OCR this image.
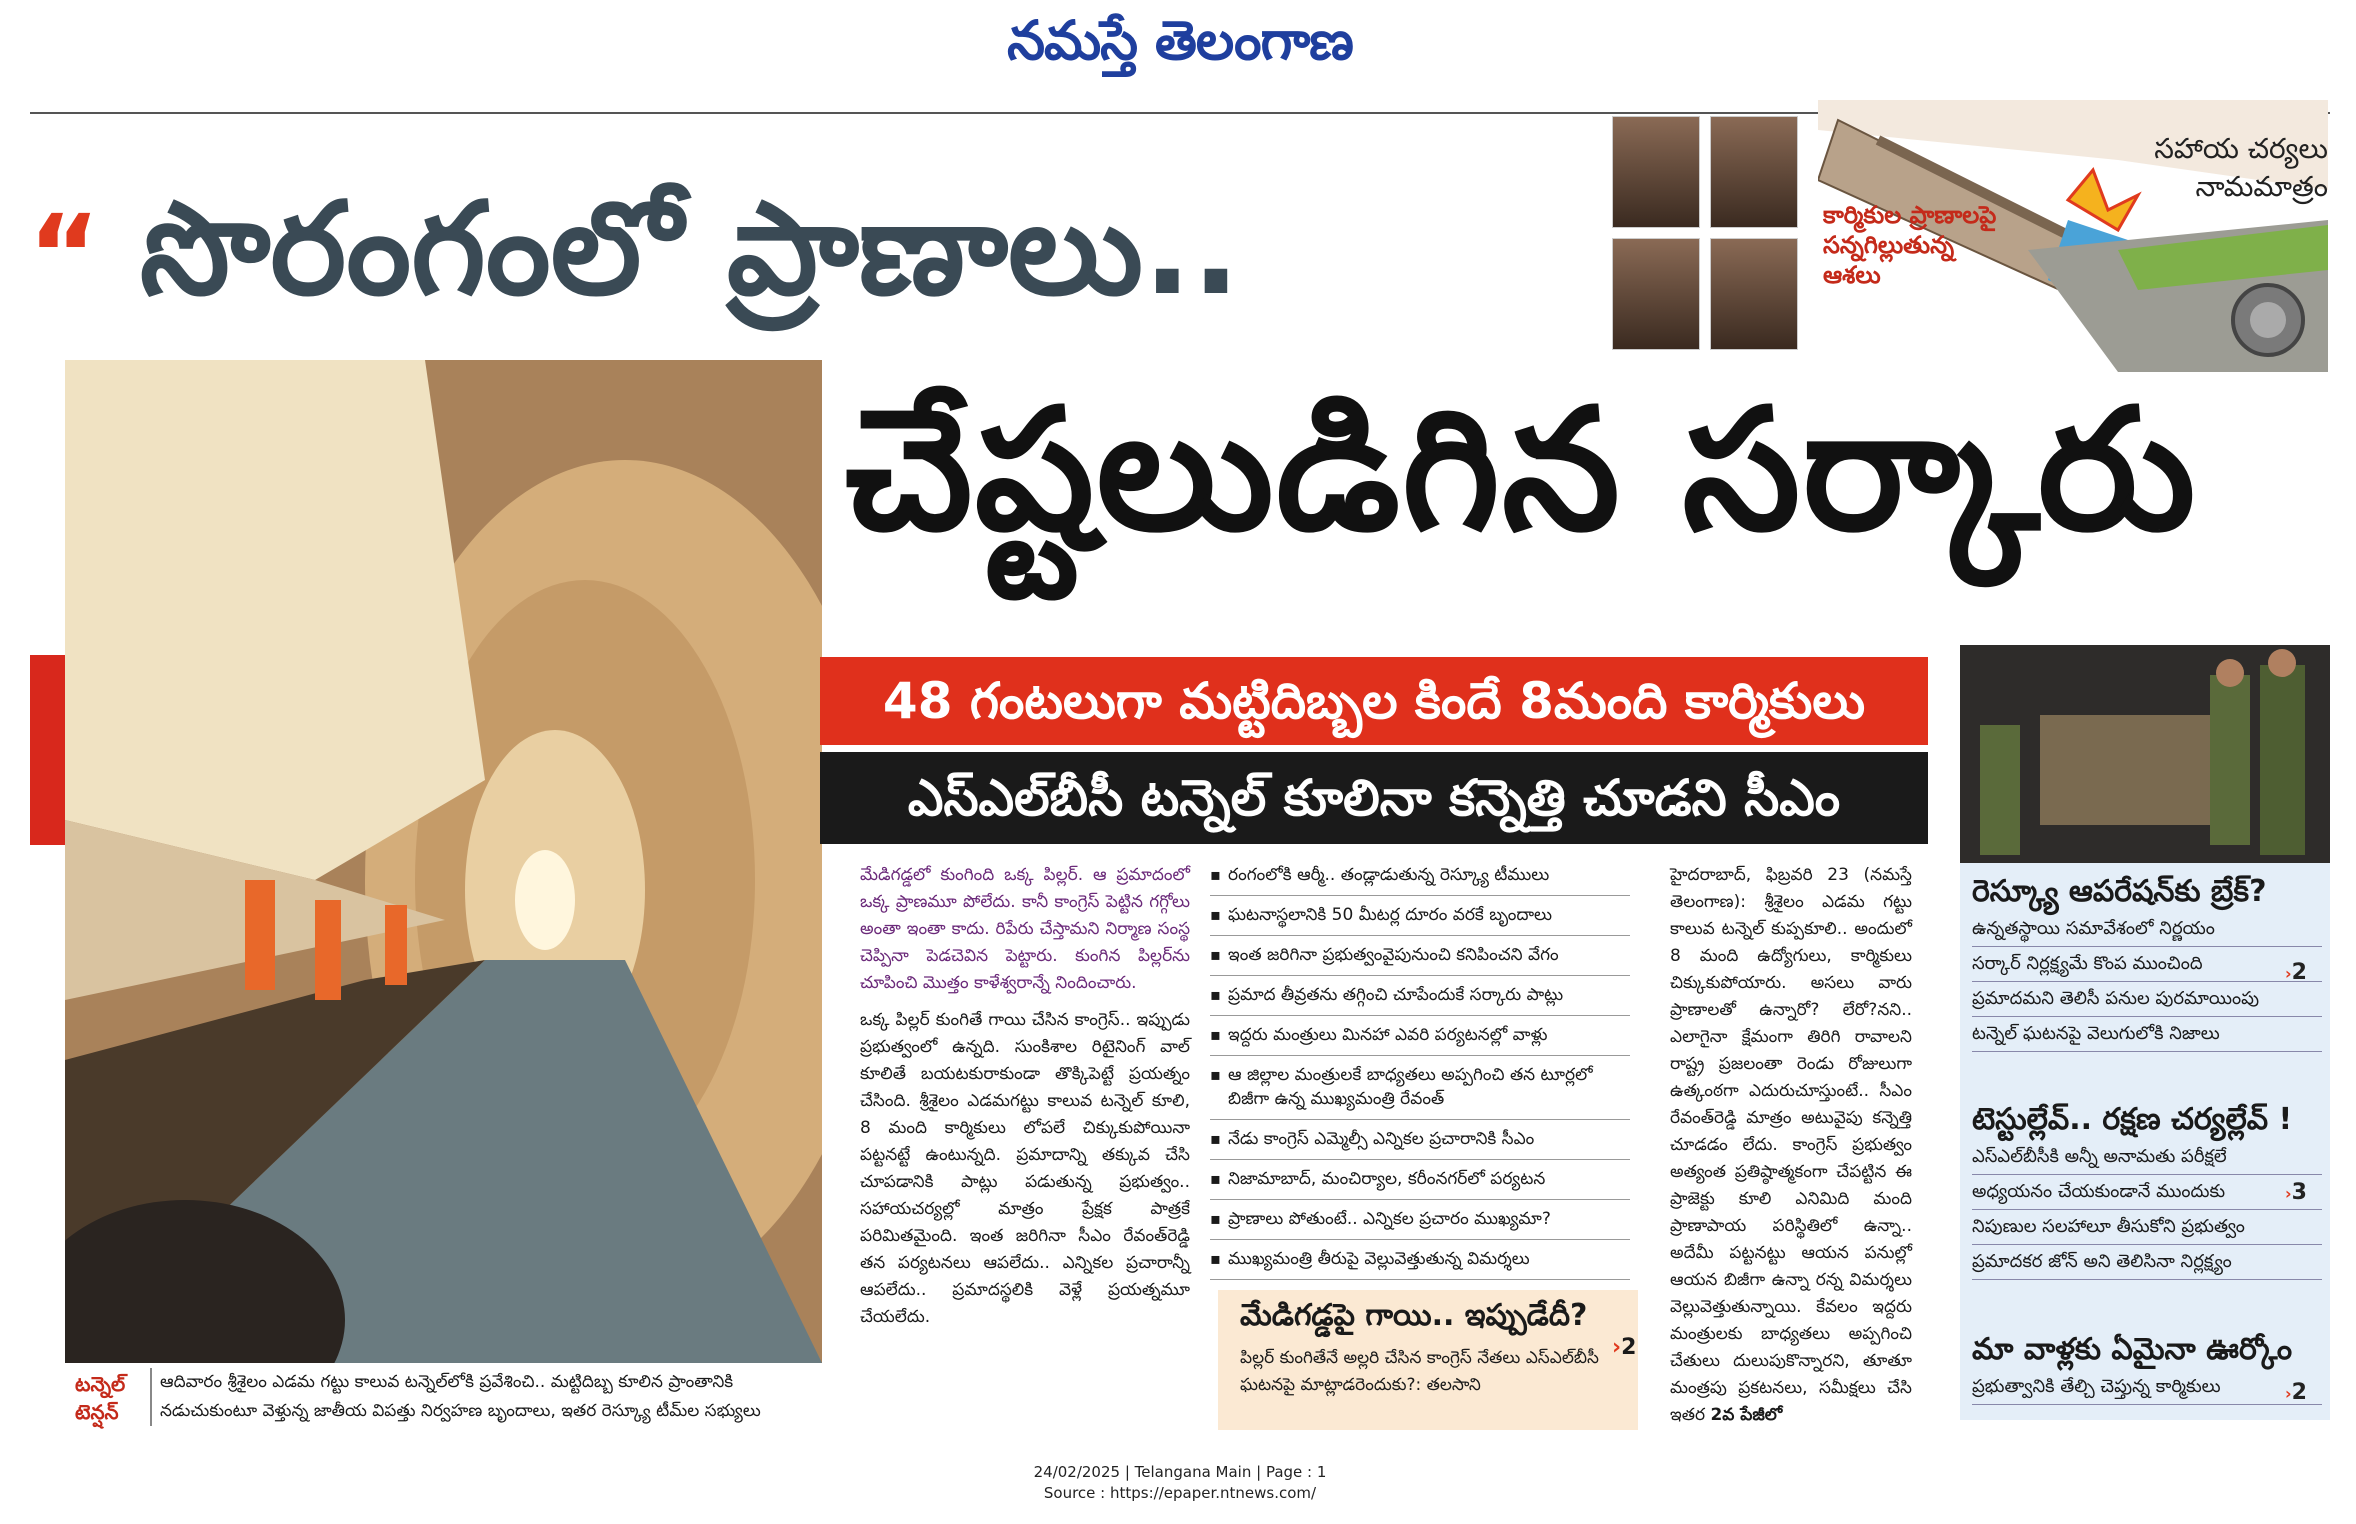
నమస్తే తెలంగాణ
“ సొరంగంలో ప్రాణాలు..
చేష్టలుడిగిన సర్కారు
కార్మికుల ప్రాణాలపై సన్నగిల్లుతున్న ఆశలు
సహాయ చర్యలు నామమాత్రం
48 గంటలుగా మట్టిదిబ్బల కిందే 8మంది కార్మికులు
ఎస్ఎల్‌బీసీ టన్నెల్ కూలినా కన్నెత్తి చూడని సీఎం

మేడిగడ్డలో కుంగింది ఒక్క పిల్లర్. ఆ ప్రమాదంలో ఒక్క ప్రాణమూ పోలేదు. కానీ కాంగ్రెస్ పెట్టిన గగ్గోలు అంతా ఇంతా కాదు. రిపేరు చేస్తామని నిర్మాణ సంస్థ చెప్పినా పెడచెవిన పెట్టారు. కుంగిన పిల్లర్‌ను చూపించి మొత్తం కాళేశ్వరాన్నే నిందించారు.

ఒక్క పిల్లర్ కుంగితే గాయి చేసిన కాంగ్రెస్.. ఇప్పుడు ప్రభుత్వంలో ఉన్నది. సుంకిశాల రిటైనింగ్ వాల్ కూలితే బయటకురాకుండా తొక్కిపెట్టే ప్రయత్నం చేసింది. శ్రీశైలం ఎడమగట్టు కాలువ టన్నెల్ కూలి, 8 మంది కార్మికులు లోపలే చిక్కుకుపోయినా పట్టనట్టే ఉంటున్నది. ప్రమాదాన్ని తక్కువ చేసి చూపడానికి పాట్లు పడుతున్న ప్రభుత్వం.. సహాయచర్యల్లో మాత్రం ప్రేక్షక పాత్రకే పరిమితమైంది. ఇంత జరిగినా సీఎం రేవంత్‌రెడ్డి తన పర్యటనలు ఆపలేదు.. ఎన్నికల ప్రచారాన్నీ ఆపలేదు.. ప్రమాదస్థలికి వెళ్లే ప్రయత్నమూ చేయలేదు.

▪ రంగంలోకి ఆర్మీ.. తండ్లాడుతున్న రెస్క్యూ టీములు
▪ ఘటనాస్థలానికి 50 మీటర్ల దూరం వరకే బృందాలు
▪ ఇంత జరిగినా ప్రభుత్వంవైపునుంచి కనిపించని వేగం
▪ ప్రమాద తీవ్రతను తగ్గించి చూపేందుకే సర్కారు పాట్లు
▪ ఇద్దరు మంత్రులు మినహా ఎవరి పర్యటనల్లో వాళ్లు
▪ ఆ జిల్లాల మంత్రులకే బాధ్యతలు అప్పగించి తన టూర్లలో బిజీగా ఉన్న ముఖ్యమంత్రి రేవంత్
▪ నేడు కాంగ్రెస్ ఎమ్మెల్సీ ఎన్నికల ప్రచారానికి సీఎం
▪ నిజామాబాద్, మంచిర్యాల, కరీంనగర్‌లో పర్యటన
▪ ప్రాణాలు పోతుంటే.. ఎన్నికల ప్రచారం ముఖ్యమా?
▪ ముఖ్యమంత్రి తీరుపై వెల్లువెత్తుతున్న విమర్శలు
మేడిగడ్డపై గాయి.. ఇప్పుడేదీ?
పిల్లర్ కుంగితేనే అల్లరి చేసిన కాంగ్రెస్ నేతలు ఎస్ఎల్‌బీసీ ఘటనపై మాట్లాడరెందుకు?: తలసాని
›2
హైదరాబాద్, ఫిబ్రవరి 23 (నమస్తే తెలంగాణ): శ్రీశైలం ఎడమ గట్టు కాలువ టన్నెల్ కుప్పకూలి.. అందులో 8 మంది ఉద్యోగులు, కార్మికులు చిక్కుకుపోయారు. అసలు వారు ప్రాణాలతో ఉన్నారో? లేరో?నని.. ఎలాగైనా క్షేమంగా తిరిగి రావాలని రాష్ట్ర ప్రజలంతా రెండు రోజులుగా ఉత్కంఠగా ఎదురుచూస్తుంటే.. సీఎం రేవంత్‌రెడ్డి మాత్రం అటువైపు కన్నెత్తి చూడడం లేదు. కాంగ్రెస్ ప్రభుత్వం అత్యంత ప్రతిష్ఠాత్మకంగా చేపట్టిన ఈ ప్రాజెక్టు కూలి ఎనిమిది మంది ప్రాణాపాయ పరిస్థితిలో ఉన్నా.. అదేమీ పట్టనట్టు ఆయన పనుల్లో ఆయన బిజీగా ఉన్నా రన్న విమర్శలు వెల్లువెత్తుతున్నాయి. కేవలం ఇద్దరు మంత్రులకు బాధ్యతలు అప్పగించి చేతులు దులుపుకొన్నారని, తూతూ మంత్రపు ప్రకటనలు, సమీక్షలు చేసి ఇతర 2వ పేజీలో
రెస్క్యూ ఆపరేషన్‌కు బ్రేక్?
ఉన్నతస్థాయి సమావేశంలో నిర్ణయం
సర్కార్ నిర్లక్ష్యమే కొంప ముంచింది
ప్రమాదమని తెలిసీ పనుల పురమాయింపు
టన్నెల్ ఘటనపై వెలుగులోకి నిజాలు
›2
టెస్టుల్లేవ్.. రక్షణ చర్యల్లేవ్ !
ఎస్ఎల్‌బీసీకి అన్నీ అనామతు పరీక్షలే
అధ్యయనం చేయకుండానే ముందుకు
నిపుణుల సలహాలూ తీసుకోని ప్రభుత్వం
ప్రమాదకర జోన్ అని తెలిసినా నిర్లక్ష్యం
›3
మా వాళ్లకు ఏమైనా ఊర్కోం
ప్రభుత్వానికి తేల్చి చెప్తున్న కార్మికులు	›2
టన్నెల్ టెన్షన్
ఆదివారం శ్రీశైలం ఎడమ గట్టు కాలువ టన్నెల్‌లోకి ప్రవేశించి.. మట్టిదిబ్బ కూలిన ప్రాంతానికి నడుచుకుంటూ వెళ్తున్న జాతీయ విపత్తు నిర్వహణ బృందాలు, ఇతర రెస్క్యూ టీమ్‌ల సభ్యులు
24/02/2025 | Telangana Main | Page : 1
Source : https://epaper.ntnews.com/
